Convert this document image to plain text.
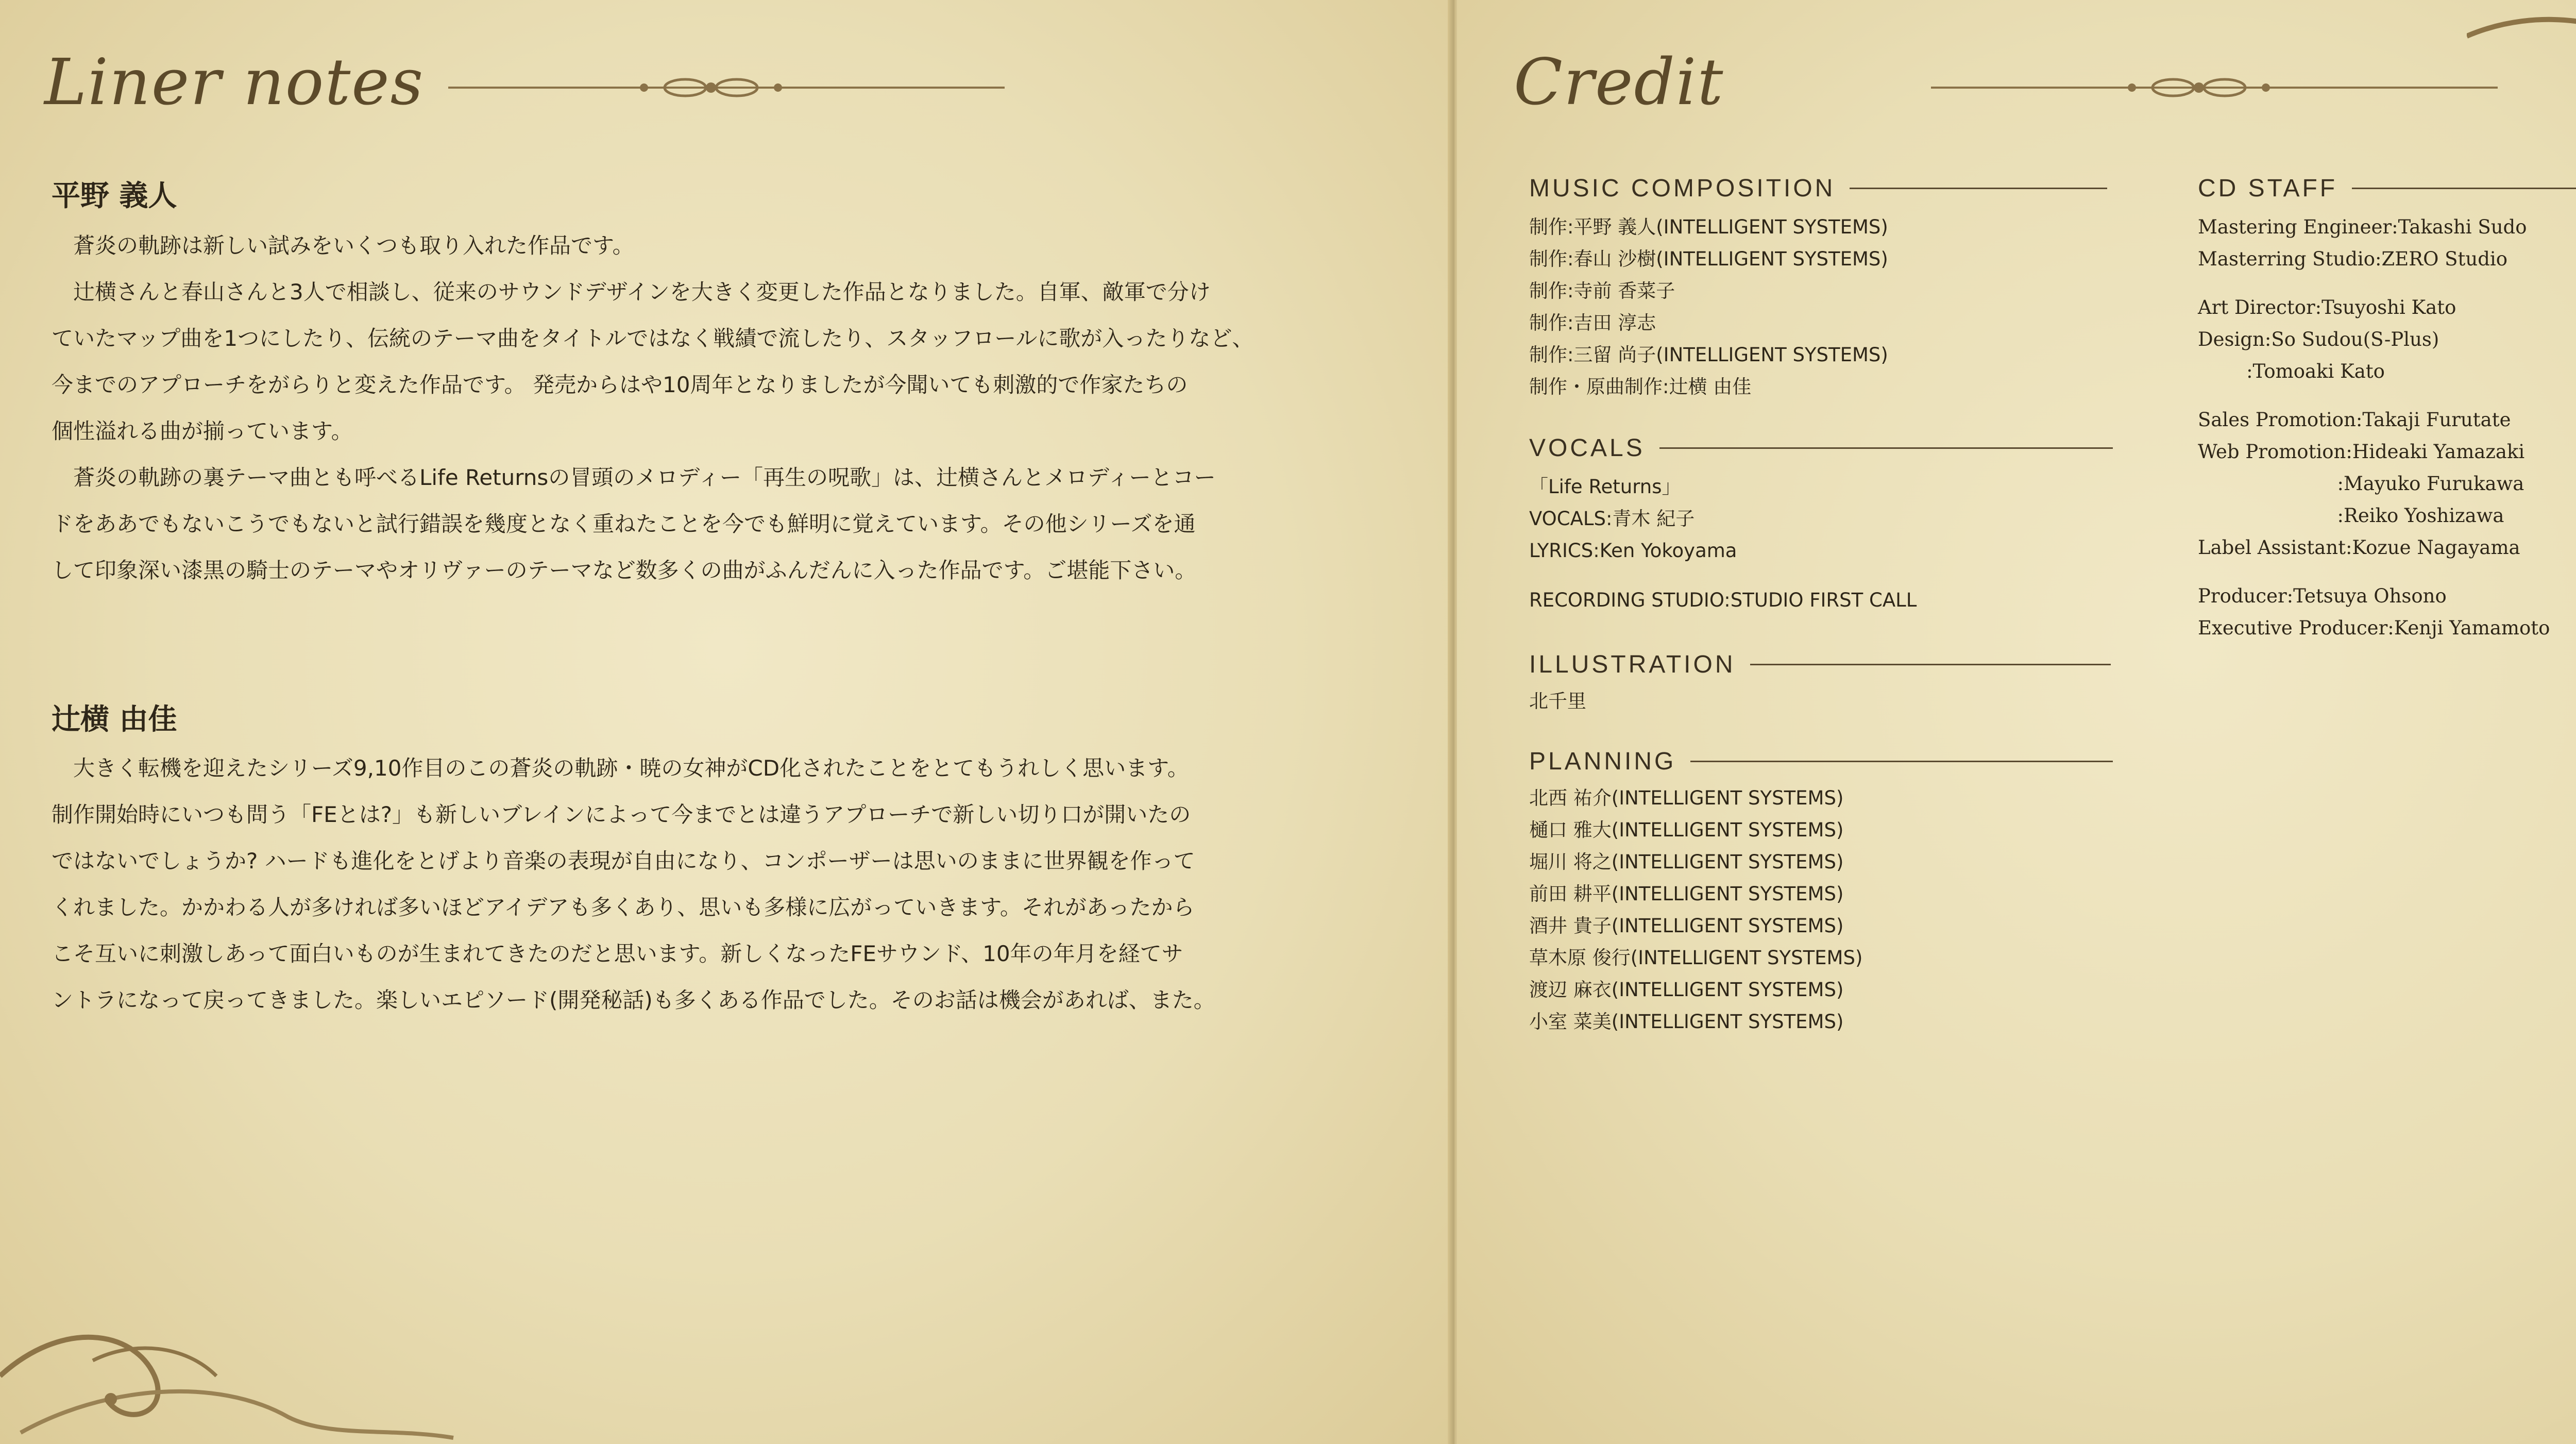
Liner notes
平野 義人

　蒼炎の軌跡は新しい試みをいくつも取り入れた作品です。

　辻横さんと春山さんと3人で相談し、従来のサウンドデザインを大きく変更した作品となりました。自軍、敵軍で分け

ていたマップ曲を1つにしたり、伝統のテーマ曲をタイトルではなく戦績で流したり、スタッフロールに歌が入ったりなど、

今までのアプローチをがらりと変えた作品です。 発売からはや10周年となりましたが今聞いても刺激的で作家たちの

個性溢れる曲が揃っています。

　蒼炎の軌跡の裏テーマ曲とも呼べるLife Returnsの冒頭のメロディー「再生の呪歌」は、辻横さんとメロディーとコー

ドをああでもないこうでもないと試行錯誤を幾度となく重ねたことを今でも鮮明に覚えています。その他シリーズを通

して印象深い漆黒の騎士のテーマやオリヴァーのテーマなど数多くの曲がふんだんに入った作品です。ご堪能下さい。

辻横 由佳

　大きく転機を迎えたシリーズ9,10作目のこの蒼炎の軌跡・暁の女神がCD化されたことをとてもうれしく思います。

制作開始時にいつも問う「FEとは?」も新しいブレインによって今までとは違うアプローチで新しい切り口が開いたの

ではないでしょうか? ハードも進化をとげより音楽の表現が自由になり、コンポーザーは思いのままに世界観を作って

くれました。かかわる人が多ければ多いほどアイデアも多くあり、思いも多様に広がっていきます。それがあったから

こそ互いに刺激しあって面白いものが生まれてきたのだと思います。新しくなったFEサウンド、10年の年月を経てサ

ントラになって戻ってきました。楽しいエピソード(開発秘話)も多くある作品でした。そのお話は機会があれば、また。

Credit
MUSIC COMPOSITION
制作:平野 義人(INTELLIGENT SYSTEMS)
制作:春山 沙樹(INTELLIGENT SYSTEMS)
制作:寺前 香菜子
制作:吉田 淳志
制作:三留 尚子(INTELLIGENT SYSTEMS)
制作・原曲制作:辻横 由佳
VOCALS
「Life Returns」
VOCALS:青木 紀子
LYRICS:Ken Yokoyama
RECORDING STUDIO:STUDIO FIRST CALL
ILLUSTRATION
北千里
PLANNING
北西 祐介(INTELLIGENT SYSTEMS)
樋口 雅大(INTELLIGENT SYSTEMS)
堀川 将之(INTELLIGENT SYSTEMS)
前田 耕平(INTELLIGENT SYSTEMS)
酒井 貴子(INTELLIGENT SYSTEMS)
草木原 俊行(INTELLIGENT SYSTEMS)
渡辺 麻衣(INTELLIGENT SYSTEMS)
小室 菜美(INTELLIGENT SYSTEMS)
CD STAFF
Mastering Engineer:Takashi Sudo
Masterring Studio:ZERO Studio
Art Director:Tsuyoshi Kato
Design:So Sudou(S-Plus)
:Tomoaki Kato
Sales Promotion:Takaji Furutate
Web Promotion:Hideaki Yamazaki
:Mayuko Furukawa
:Reiko Yoshizawa
Label Assistant:Kozue Nagayama
Producer:Tetsuya Ohsono
Executive Producer:Kenji Yamamoto
